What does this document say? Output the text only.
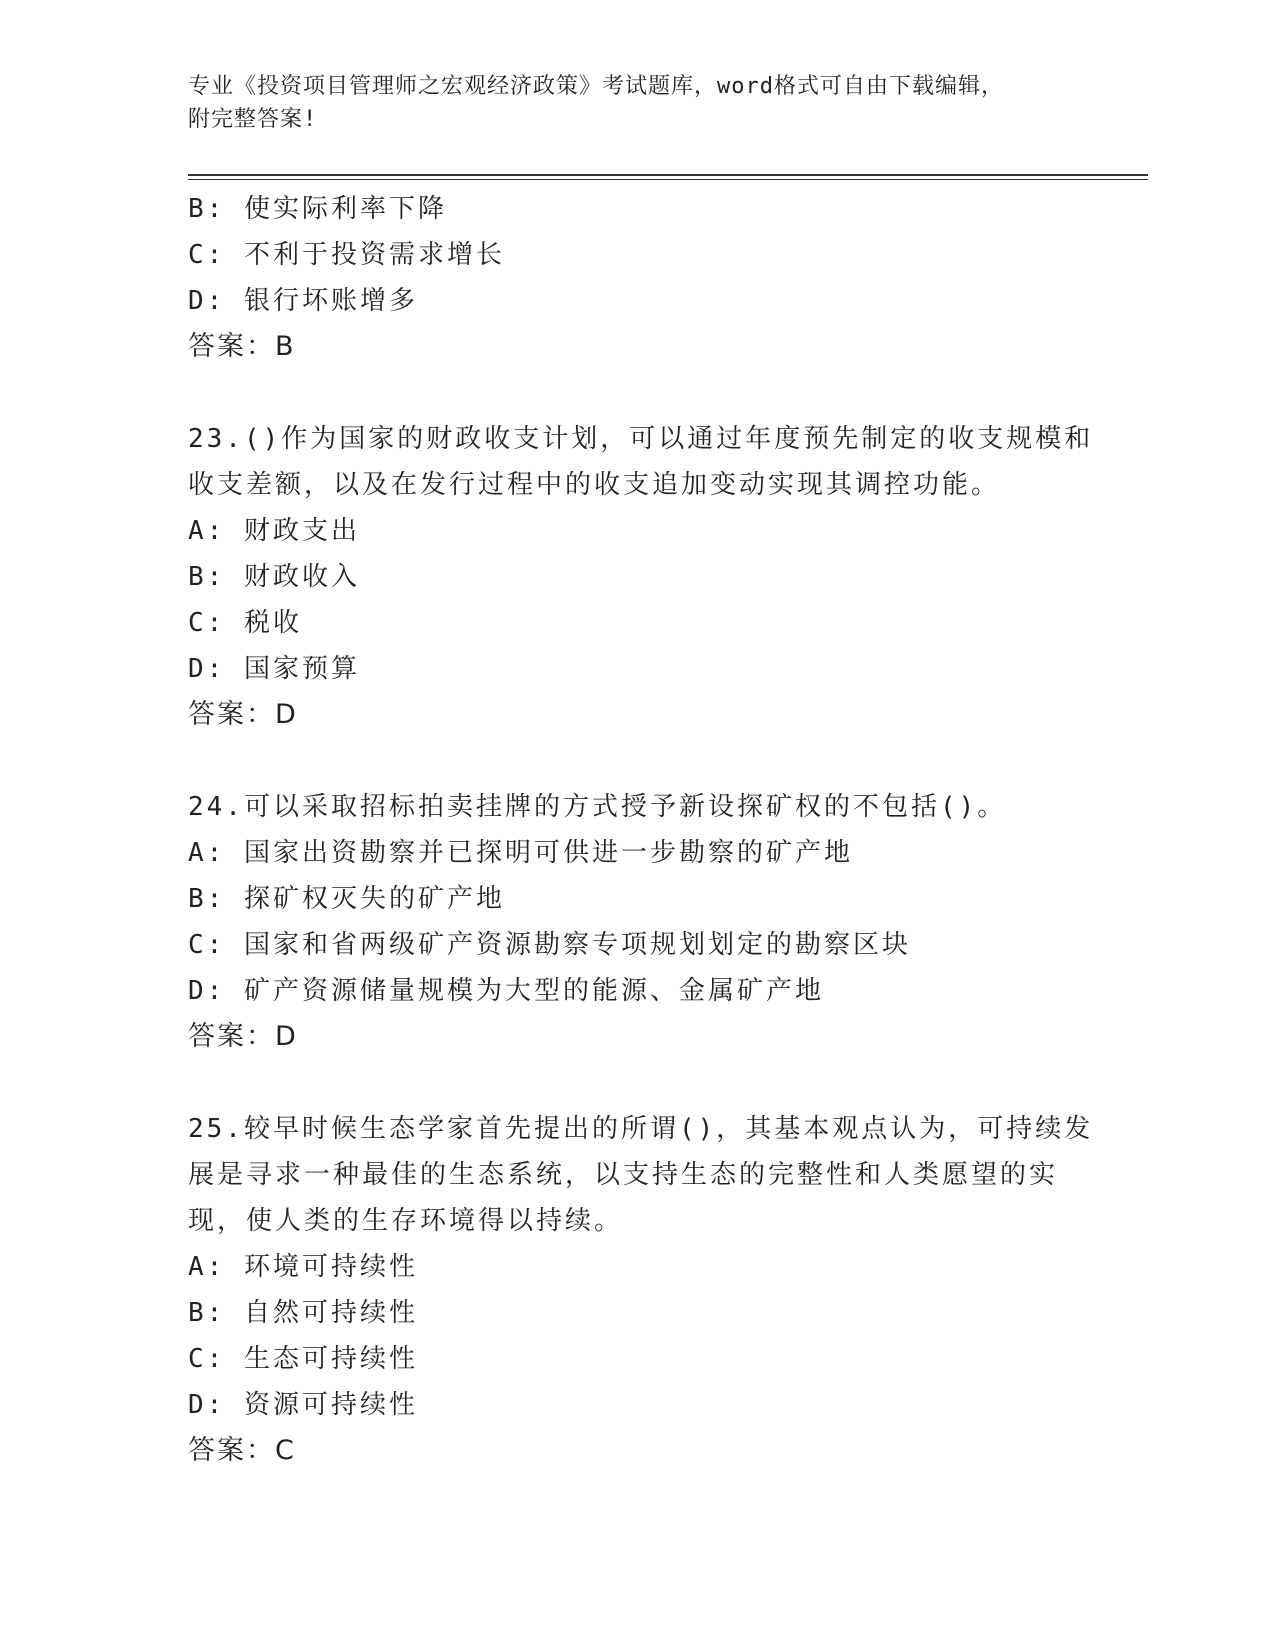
专业《投资项目管理师之宏观经济政策》考试题库，word格式可自由下载编辑，
附完整答案!
B: 使实际利率下降
C: 不利于投资需求增长
D: 银行坏账增多
答案：B
23.()作为国家的财政收支计划，可以通过年度预先制定的收支规模和
收支差额，以及在发行过程中的收支追加变动实现其调控功能。
A: 财政支出
B: 财政收入
C: 税收
D: 国家预算
答案：D
24.可以采取招标拍卖挂牌的方式授予新设探矿权的不包括()。
A: 国家出资勘察并已探明可供进一步勘察的矿产地
B: 探矿权灭失的矿产地
C: 国家和省两级矿产资源勘察专项规划划定的勘察区块
D: 矿产资源储量规模为大型的能源、金属矿产地
答案：D
25.较早时候生态学家首先提出的所谓()，其基本观点认为，可持续发
展是寻求一种最佳的生态系统，以支持生态的完整性和人类愿望的实
现，使人类的生存环境得以持续。
A: 环境可持续性
B: 自然可持续性
C: 生态可持续性
D: 资源可持续性
答案：C
